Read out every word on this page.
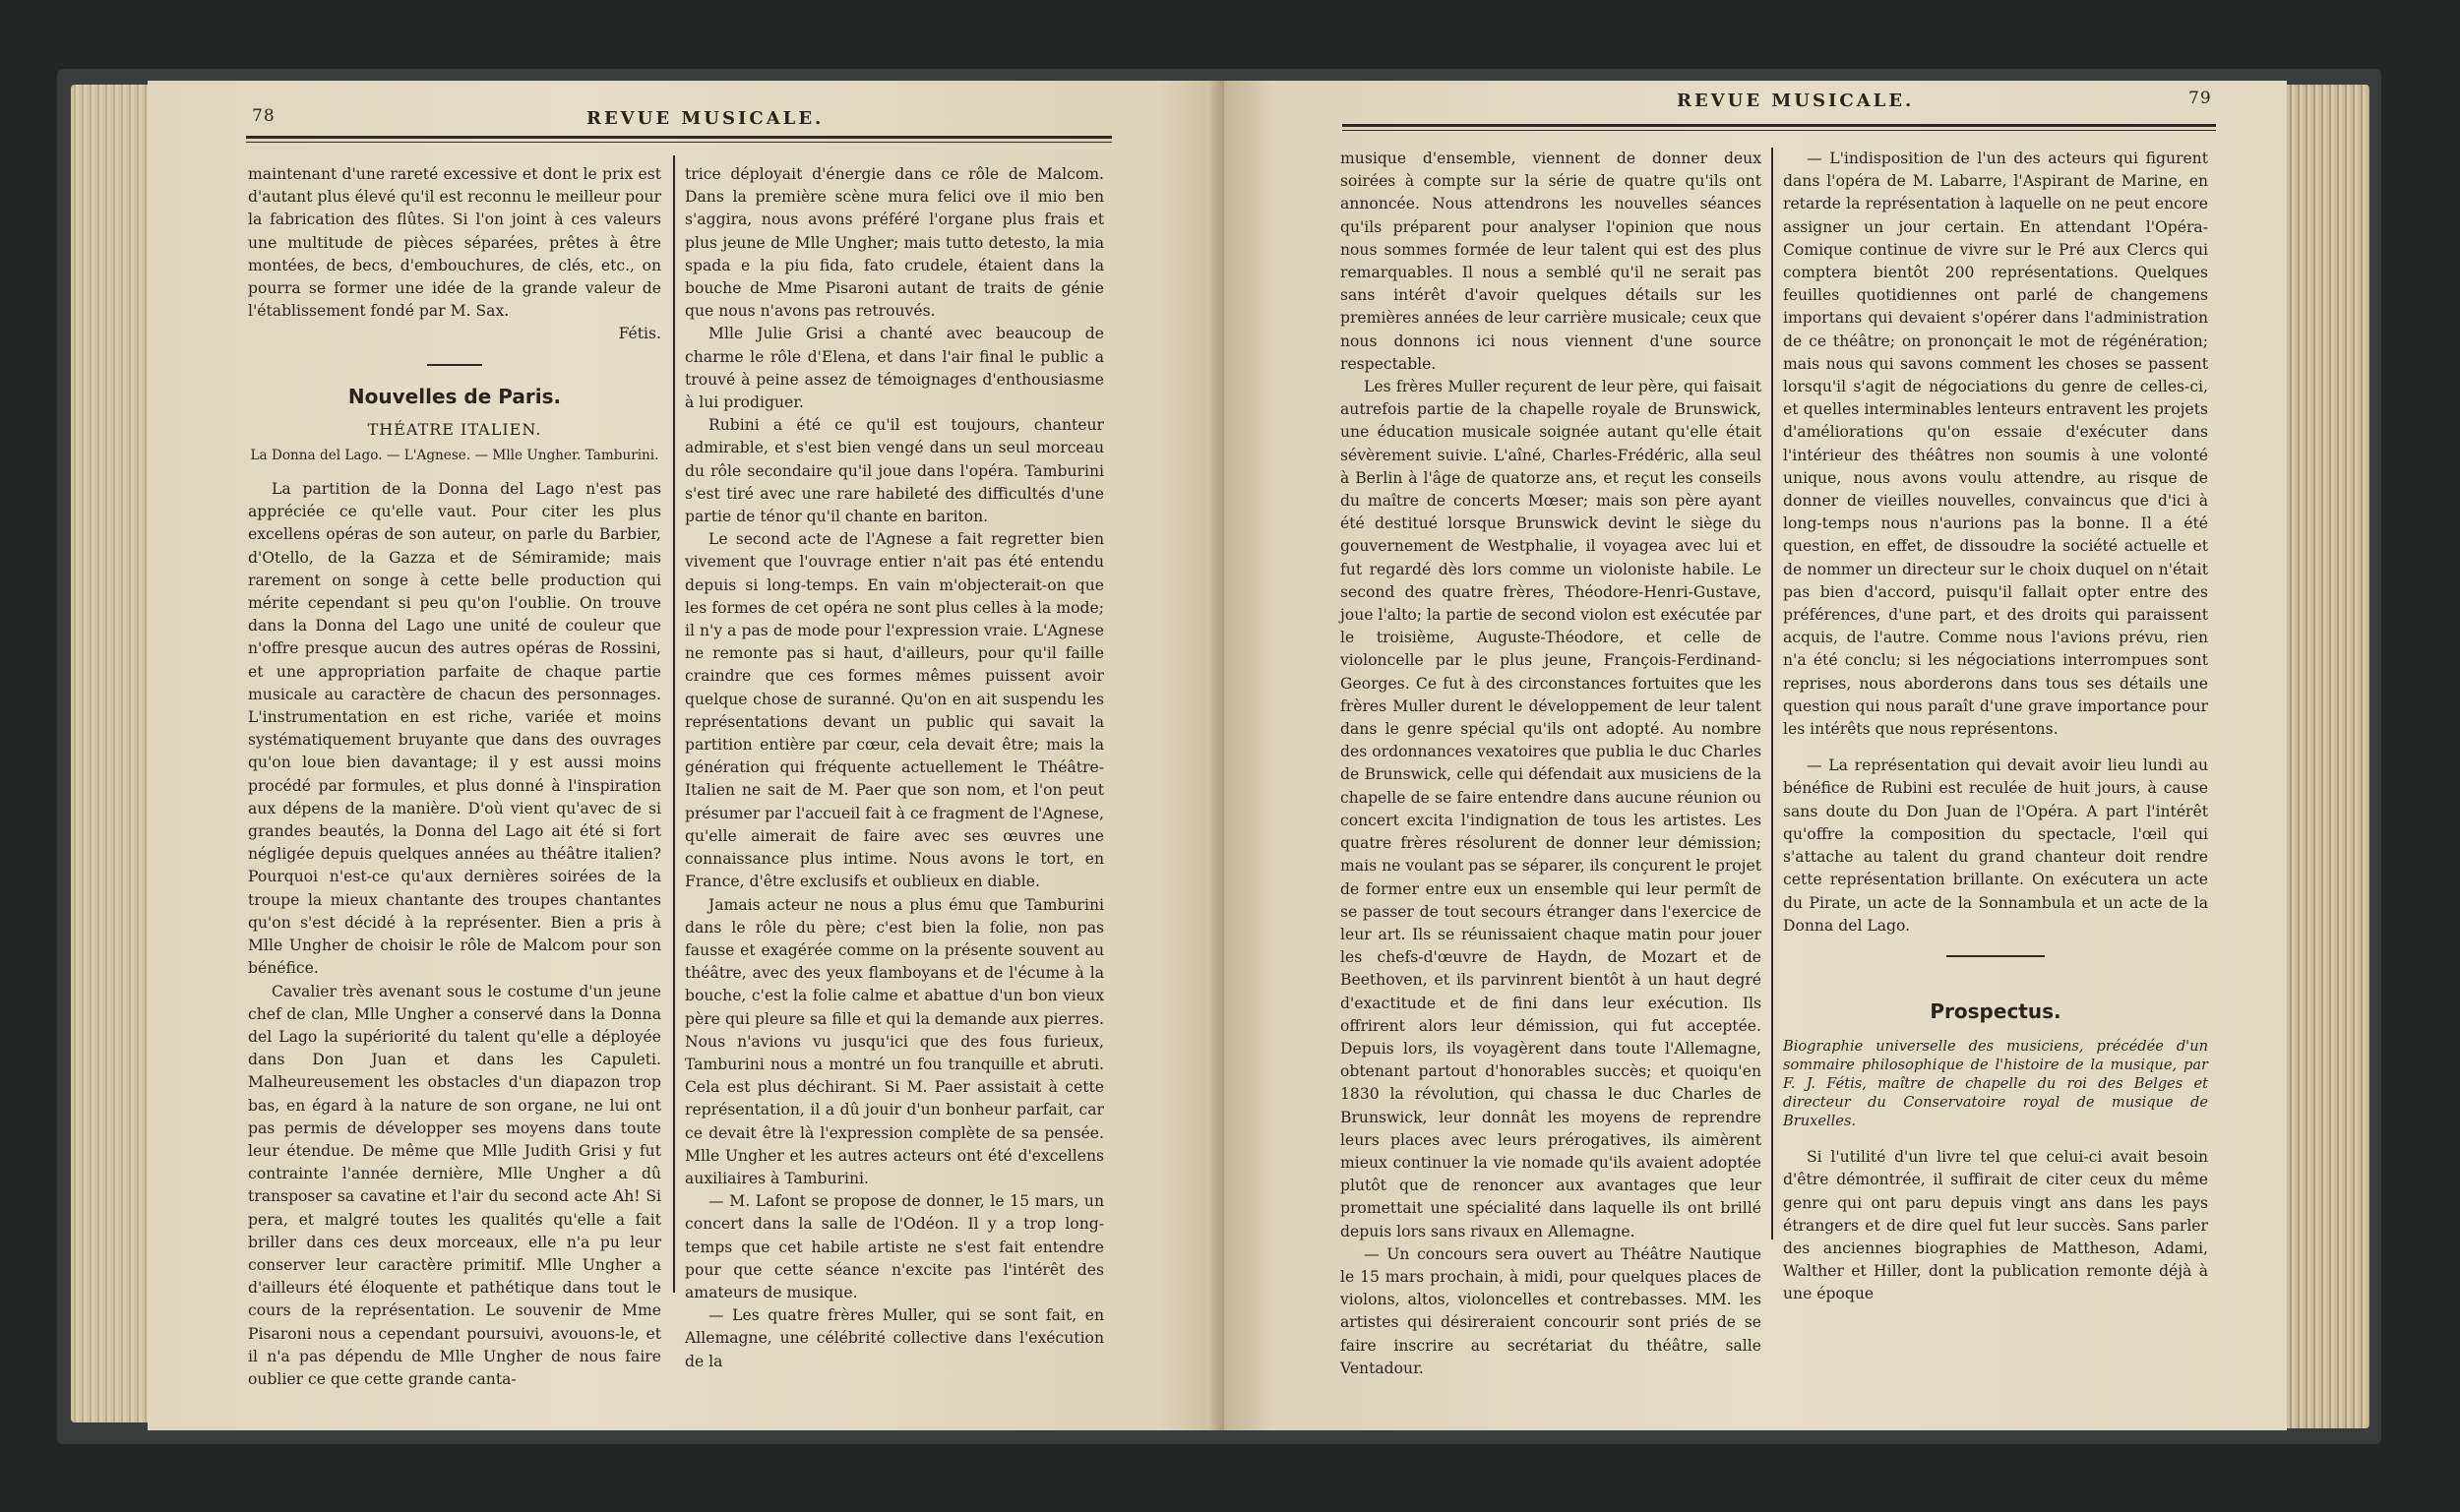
78	REVUE MUSICALE.

maintenant d'une rareté excessive et dont le prix est d'autant plus élevé qu'il est reconnu le meilleur pour la fabrication des flûtes. Si l'on joint à ces valeurs une multitude de pièces séparées, prêtes à être montées, de becs, d'embouchures, de clés, etc., on pourra se former une idée de la grande valeur de l'établissement fondé par M. Sax.

Fétis.

Nouvelles de Paris.
THÉATRE ITALIEN.
La Donna del Lago. — L'Agnese. — Mlle Ungher. Tamburini.

La partition de la Donna del Lago n'est pas appréciée ce qu'elle vaut. Pour citer les plus excellens opéras de son auteur, on parle du Barbier, d'Otello, de la Gazza et de Sémiramide; mais rarement on songe à cette belle production qui mérite cependant si peu qu'on l'oublie. On trouve dans la Donna del Lago une unité de couleur que n'offre presque aucun des autres opéras de Rossini, et une appropriation parfaite de chaque partie musicale au caractère de chacun des personnages. L'instrumentation en est riche, variée et moins systématiquement bruyante que dans des ouvrages qu'on loue bien davantage; il y est aussi moins procédé par formules, et plus donné à l'inspiration aux dépens de la manière. D'où vient qu'avec de si grandes beautés, la Donna del Lago ait été si fort négligée depuis quelques années au théâtre italien? Pourquoi n'est-ce qu'aux dernières soirées de la troupe la mieux chantante des troupes chantantes qu'on s'est décidé à la représenter. Bien a pris à Mlle Ungher de choisir le rôle de Malcom pour son bénéfice.

Cavalier très avenant sous le costume d'un jeune chef de clan, Mlle Ungher a conservé dans la Donna del Lago la supériorité du talent qu'elle a déployée dans Don Juan et dans les Capuleti. Malheureusement les obstacles d'un diapazon trop bas, en égard à la nature de son organe, ne lui ont pas permis de développer ses moyens dans toute leur étendue. De même que Mlle Judith Grisi y fut contrainte l'année dernière, Mlle Ungher a dû transposer sa cavatine et l'air du second acte Ah! Si pera, et malgré toutes les qualités qu'elle a fait briller dans ces deux morceaux, elle n'a pu leur conserver leur caractère primitif. Mlle Ungher a d'ailleurs été éloquente et pathétique dans tout le cours de la représentation. Le souvenir de Mme Pisaroni nous a cependant poursuivi, avouons-le, et il n'a pas dépendu de Mlle Ungher de nous faire oublier ce que cette grande canta-

trice déployait d'énergie dans ce rôle de Malcom. Dans la première scène mura felici ove il mio ben s'aggira, nous avons préféré l'organe plus frais et plus jeune de Mlle Ungher; mais tutto detesto, la mia spada e la piu fida, fato crudele, étaient dans la bouche de Mme Pisaroni autant de traits de génie que nous n'avons pas retrouvés.

Mlle Julie Grisi a chanté avec beaucoup de charme le rôle d'Elena, et dans l'air final le public a trouvé à peine assez de témoignages d'enthousiasme à lui prodiguer.

Rubini a été ce qu'il est toujours, chanteur admirable, et s'est bien vengé dans un seul morceau du rôle secondaire qu'il joue dans l'opéra. Tamburini s'est tiré avec une rare habileté des difficultés d'une partie de ténor qu'il chante en bariton.

Le second acte de l'Agnese a fait regretter bien vivement que l'ouvrage entier n'ait pas été entendu depuis si long-temps. En vain m'objecterait-on que les formes de cet opéra ne sont plus celles à la mode; il n'y a pas de mode pour l'expression vraie. L'Agnese ne remonte pas si haut, d'ailleurs, pour qu'il faille craindre que ces formes mêmes puissent avoir quelque chose de suranné. Qu'on en ait suspendu les représentations devant un public qui savait la partition entière par cœur, cela devait être; mais la génération qui fréquente actuellement le Théâtre-Italien ne sait de M. Paer que son nom, et l'on peut présumer par l'accueil fait à ce fragment de l'Agnese, qu'elle aimerait de faire avec ses œuvres une connaissance plus intime. Nous avons le tort, en France, d'être exclusifs et oublieux en diable.

Jamais acteur ne nous a plus ému que Tamburini dans le rôle du père; c'est bien la folie, non pas fausse et exagérée comme on la présente souvent au théâtre, avec des yeux flamboyans et de l'écume à la bouche, c'est la folie calme et abattue d'un bon vieux père qui pleure sa fille et qui la demande aux pierres. Nous n'avions vu jusqu'ici que des fous furieux, Tamburini nous a montré un fou tranquille et abruti. Cela est plus déchirant. Si M. Paer assistait à cette représentation, il a dû jouir d'un bonheur parfait, car ce devait être là l'expression complète de sa pensée. Mlle Ungher et les autres acteurs ont été d'excellens auxiliaires à Tamburini.

— M. Lafont se propose de donner, le 15 mars, un concert dans la salle de l'Odéon. Il y a trop long-temps que cet habile artiste ne s'est fait entendre pour que cette séance n'excite pas l'intérêt des amateurs de musique.

— Les quatre frères Muller, qui se sont fait, en Allemagne, une célébrité collective dans l'exécution de la

REVUE MUSICALE.	79

musique d'ensemble, viennent de donner deux soirées à compte sur la série de quatre qu'ils ont annoncée. Nous attendrons les nouvelles séances qu'ils préparent pour analyser l'opinion que nous nous sommes formée de leur talent qui est des plus remarquables. Il nous a semblé qu'il ne serait pas sans intérêt d'avoir quelques détails sur les premières années de leur carrière musicale; ceux que nous donnons ici nous viennent d'une source respectable.

Les frères Muller reçurent de leur père, qui faisait autrefois partie de la chapelle royale de Brunswick, une éducation musicale soignée autant qu'elle était sévèrement suivie. L'aîné, Charles-Frédéric, alla seul à Berlin à l'âge de quatorze ans, et reçut les conseils du maître de concerts Mœser; mais son père ayant été destitué lorsque Brunswick devint le siège du gouvernement de Westphalie, il voyagea avec lui et fut regardé dès lors comme un violoniste habile. Le second des quatre frères, Théodore-Henri-Gustave, joue l'alto; la partie de second violon est exécutée par le troisième, Auguste-Théodore, et celle de violoncelle par le plus jeune, François-Ferdinand-Georges. Ce fut à des circonstances fortuites que les frères Muller durent le développement de leur talent dans le genre spécial qu'ils ont adopté. Au nombre des ordonnances vexatoires que publia le duc Charles de Brunswick, celle qui défendait aux musiciens de la chapelle de se faire entendre dans aucune réunion ou concert excita l'indignation de tous les artistes. Les quatre frères résolurent de donner leur démission; mais ne voulant pas se séparer, ils conçurent le projet de former entre eux un ensemble qui leur permît de se passer de tout secours étranger dans l'exercice de leur art. Ils se réunissaient chaque matin pour jouer les chefs-d'œuvre de Haydn, de Mozart et de Beethoven, et ils parvinrent bientôt à un haut degré d'exactitude et de fini dans leur exécution. Ils offrirent alors leur démission, qui fut acceptée. Depuis lors, ils voyagèrent dans toute l'Allemagne, obtenant partout d'honorables succès; et quoiqu'en 1830 la révolution, qui chassa le duc Charles de Brunswick, leur donnât les moyens de reprendre leurs places avec leurs prérogatives, ils aimèrent mieux continuer la vie nomade qu'ils avaient adoptée plutôt que de renoncer aux avantages que leur promettait une spécialité dans laquelle ils ont brillé depuis lors sans rivaux en Allemagne.

— Un concours sera ouvert au Théâtre Nautique le 15 mars prochain, à midi, pour quelques places de violons, altos, violoncelles et contrebasses. MM. les artistes qui désireraient concourir sont priés de se faire inscrire au secrétariat du théâtre, salle Ventadour.

— L'indisposition de l'un des acteurs qui figurent dans l'opéra de M. Labarre, l'Aspirant de Marine, en retarde la représentation à laquelle on ne peut encore assigner un jour certain. En attendant l'Opéra-Comique continue de vivre sur le Pré aux Clercs qui comptera bientôt 200 représentations. Quelques feuilles quotidiennes ont parlé de changemens importans qui devaient s'opérer dans l'administration de ce théâtre; on prononçait le mot de régénération; mais nous qui savons comment les choses se passent lorsqu'il s'agit de négociations du genre de celles-ci, et quelles interminables lenteurs entravent les projets d'améliorations qu'on essaie d'exécuter dans l'intérieur des théâtres non soumis à une volonté unique, nous avons voulu attendre, au risque de donner de vieilles nouvelles, convaincus que d'ici à long-temps nous n'aurions pas la bonne. Il a été question, en effet, de dissoudre la société actuelle et de nommer un directeur sur le choix duquel on n'était pas bien d'accord, puisqu'il fallait opter entre des préférences, d'une part, et des droits qui paraissent acquis, de l'autre. Comme nous l'avions prévu, rien n'a été conclu; si les négociations interrompues sont reprises, nous aborderons dans tous ses détails une question qui nous paraît d'une grave importance pour les intérêts que nous représentons.

— La représentation qui devait avoir lieu lundi au bénéfice de Rubini est reculée de huit jours, à cause sans doute du Don Juan de l'Opéra. A part l'intérêt qu'offre la composition du spectacle, l'œil qui s'attache au talent du grand chanteur doit rendre cette représentation brillante. On exécutera un acte du Pirate, un acte de la Sonnambula et un acte de la Donna del Lago.

Prospectus.

Biographie universelle des musiciens, précédée d'un sommaire philosophique de l'histoire de la musique, par F. J. Fétis, maître de chapelle du roi des Belges et directeur du Conservatoire royal de musique de Bruxelles.

Si l'utilité d'un livre tel que celui-ci avait besoin d'être démontrée, il suffirait de citer ceux du même genre qui ont paru depuis vingt ans dans les pays étrangers et de dire quel fut leur succès. Sans parler des anciennes biographies de Mattheson, Adami, Walther et Hiller, dont la publication remonte déjà à une époque
